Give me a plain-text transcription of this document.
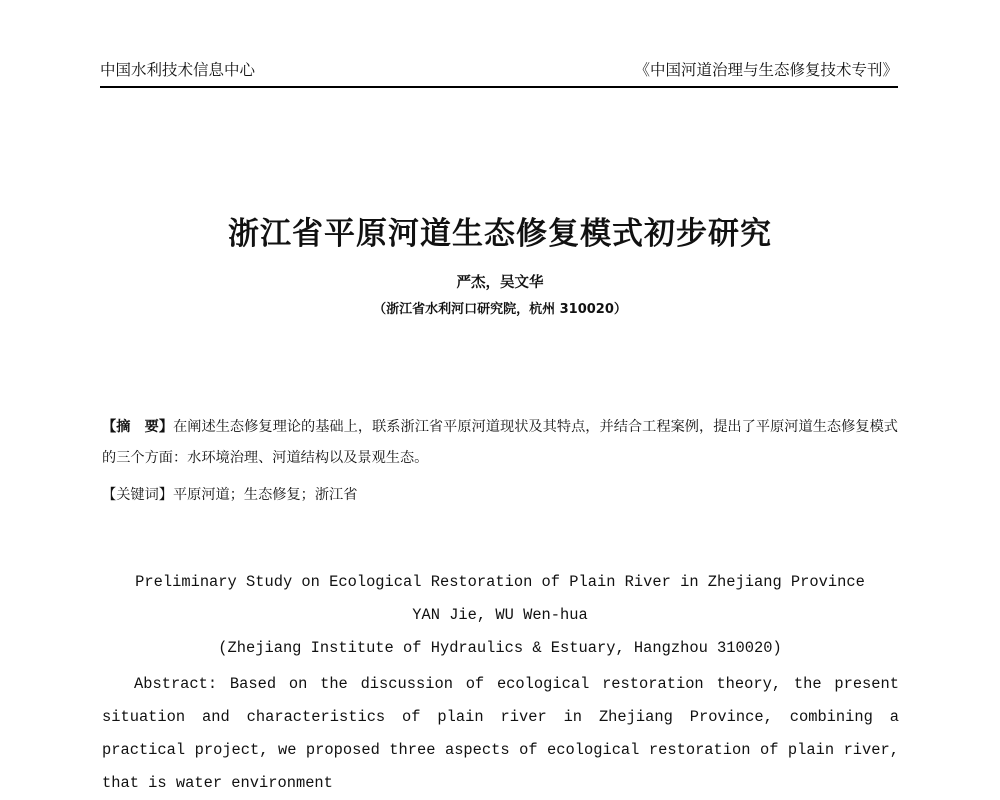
中国水利技术信息中心	《中国河道治理与生态修复技术专刊》
浙江省平原河道生态修复模式初步研究
严杰，吴文华
（浙江省水利河口研究院，杭州 310020）
【摘　要】在阐述生态修复理论的基础上，联系浙江省平原河道现状及其特点，并结合工程案例，提出了平原河道生态修复模式的三个方面：水环境治理、河道结构以及景观生态。
【关键词】平原河道；生态修复；浙江省
Preliminary Study on Ecological Restoration of Plain River in Zhejiang Province
YAN Jie, WU Wen-hua
(Zhejiang Institute of Hydraulics & Estuary, Hangzhou 310020)
Abstract: Based on the discussion of ecological restoration theory, the present situation and characteristics of plain river in Zhejiang Province, combining a practical project, we proposed three aspects of ecological restoration of plain river, that is water environment
